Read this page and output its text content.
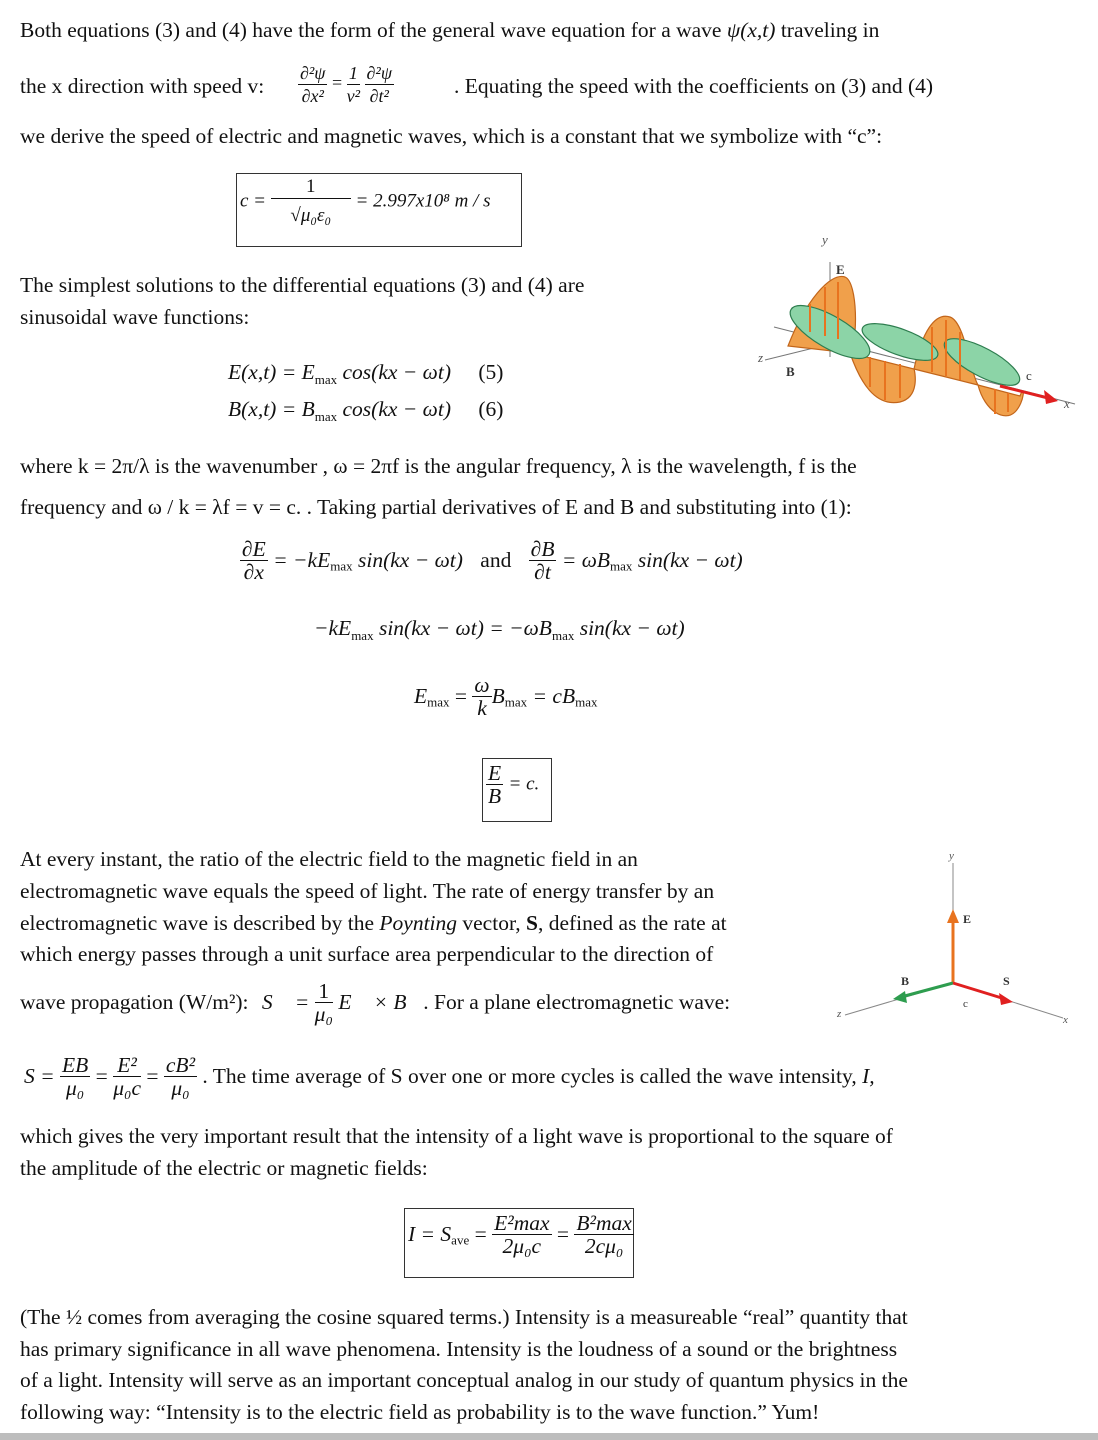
Both equations (3) and (4) have the form of the general wave equation for a wave ψ(x,t) traveling in
the x direction with speed v: $\frac{\text{∂²ψ}}{\text{∂x²}} = \frac{1}{\text{v²}}$
$\frac{\text{∂²ψ}}{\text{∂t²}}$	. Equating the speed with the coefficients on (3) and (4)
we derive the speed of electric and magnetic waves, which is a constant that we symbolize with “c”:
$c = \frac{1}{\text{√μ₀ε₀}} = 2.997x10^8$ m / s
The simplest solutions to the differential equations (3) and (4) are
sinusoidal wave functions:
$E(x,t) = E_{max}$ cos(kx − ωt) (5)
$B(x,t) = B_{max}$ cos(kx − ωt) (6)
y
E
z
B	c
x
where k = 2π/λ is the wavenumber , ω = 2πf is the angular frequency, λ is the wavelength, f is the
frequency and ω / k = λf = v = c. . Taking partial derivatives of E and B and substituting into (1):
$\frac{\partial E}{\partial x} = -kE_{max}$ sin(kx − ωt) and $\frac{\partial B}{\partial t} = \omega B_{max}$ sin(kx − ωt)
$-kE_{max}$ $\sin(kx - \omega t) = -\omega B_{max}$ sin(kx − ωt)
$E_{max} = \frac{\omega}{k} B_{max} = cB_{max}$
$\frac{E}{B} = c$.
At every instant, the ratio of the electric field to the magnetic field in an
electromagnetic wave equals the speed of light. The rate of energy transfer by an
electromagnetic wave is described by the Poynting vector, S, defined as the rate at
which energy passes through a unit surface area perpendicular to the direction of
wave propagation (W/m²): S⃗ = $\frac{1}{\text{μ₀}}$ E⃗ × B⃗. For a plane electromagnetic wave:
y
E
B	S
c
z	x
$S = \frac{EB}{\text{μ₀}} = \frac{\text{E²}}{\text{μ₀c}} = \frac{\text{cB²}}{\text{μ₀}}$ . The time average of S over one or more cycles is called the wave intensity, I,
which gives the very important result that the intensity of a light wave is proportional to the square of
the amplitude of the electric or magnetic fields:
$I = S_{ave} = \frac{\text{E²max}}{\text{2μ₀c}} = \frac{\text{B²max}}{\text{2cμ₀}}$
(The ½ comes from averaging the cosine squared terms.) Intensity is a measureable “real” quantity that
has primary significance in all wave phenomena. Intensity is the loudness of a sound or the brightness
of a light. Intensity will serve as an important conceptual analog in our study of quantum physics in the
following way: “Intensity is to the electric field as probability is to the wave function.” Yum!
